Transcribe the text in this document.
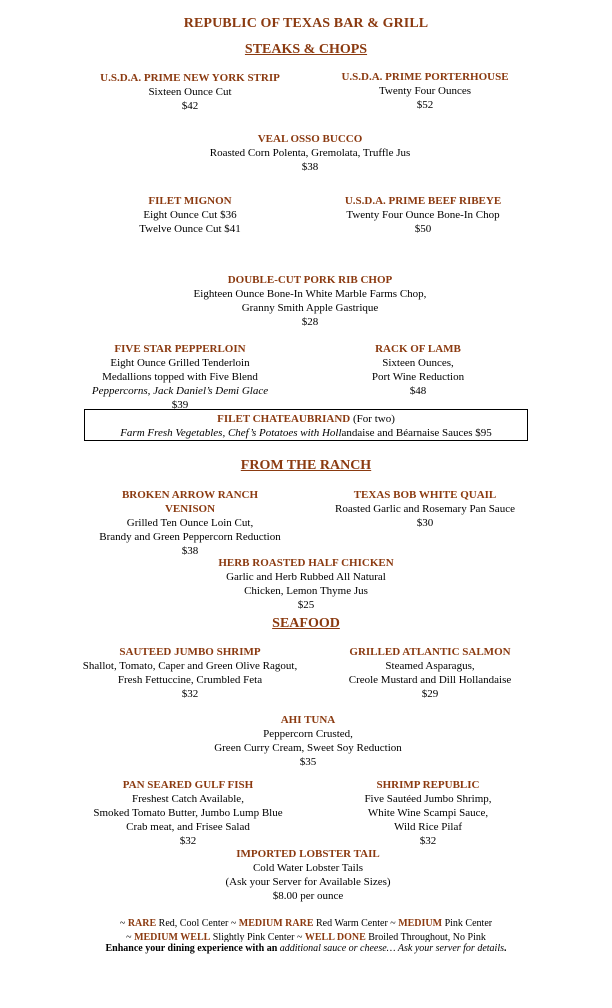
REPUBLIC OF TEXAS BAR & GRILL
STEAKS & CHOPS
U.S.D.A. PRIME NEW YORK STRIP
Sixteen Ounce Cut
$42
U.S.D.A. PRIME PORTERHOUSE
Twenty Four Ounces
$52
VEAL OSSO BUCCO
Roasted Corn Polenta, Gremolata, Truffle Jus
$38
FILET MIGNON
Eight Ounce Cut $36
Twelve Ounce Cut $41
U.S.D.A. PRIME BEEF RIBEYE
Twenty Four Ounce Bone-In Chop
$50
DOUBLE-CUT PORK RIB CHOP
Eighteen Ounce Bone-In White Marble Farms Chop,
Granny Smith Apple Gastrique
$28
FIVE STAR PEPPERLOIN
Eight Ounce Grilled Tenderloin
Medallions topped with Five Blend
Peppercorns, Jack Daniel’s Demi Glace
$39
RACK OF LAMB
Sixteen Ounces,
Port Wine Reduction
$48
FILET CHATEAUBRIAND (For two)
Farm Fresh Vegetables, Chef’s Potatoes with Hollandaise and Béarnaise Sauces $95
FROM THE RANCH
BROKEN ARROW RANCH
VENISON
Grilled Ten Ounce Loin Cut,
Brandy and Green Peppercorn Reduction
$38
TEXAS BOB WHITE QUAIL
Roasted Garlic and Rosemary Pan Sauce
$30
HERB ROASTED HALF CHICKEN
Garlic and Herb Rubbed All Natural
Chicken, Lemon Thyme Jus
$25
SEAFOOD
SAUTEED JUMBO SHRIMP
Shallot, Tomato, Caper and Green Olive Ragout,
Fresh Fettuccine, Crumbled Feta
$32
GRILLED ATLANTIC SALMON
Steamed Asparagus,
Creole Mustard and Dill Hollandaise
$29
AHI TUNA
Peppercorn Crusted,
Green Curry Cream, Sweet Soy Reduction
$35
PAN SEARED GULF FISH
Freshest Catch Available,
Smoked Tomato Butter, Jumbo Lump Blue
Crab meat, and Frisee Salad
$32
SHRIMP REPUBLIC
Five Sautéed Jumbo Shrimp,
White Wine Scampi Sauce,
Wild Rice Pilaf
$32
IMPORTED LOBSTER TAIL
Cold Water Lobster Tails
(Ask your Server for Available Sizes)
$8.00 per ounce
~ RARE Red, Cool Center ~ MEDIUM RARE Red Warm Center ~ MEDIUM Pink Center
~ MEDIUM WELL Slightly Pink Center ~ WELL DONE Broiled Throughout, No Pink
Enhance your dining experience with an additional sauce or cheese… Ask your server for details.
